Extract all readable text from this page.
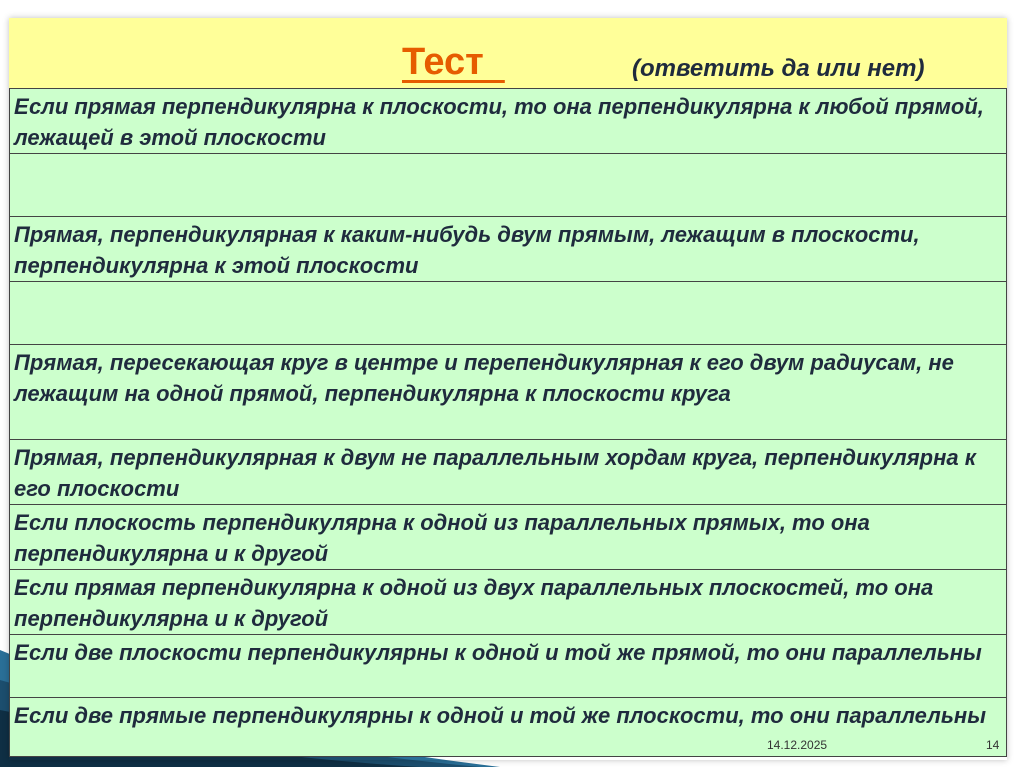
Тест	(ответить да или нет)
Если прямая перпендикулярна к плоскости, то она перпендикулярна к любой прямой, лежащей в этой плоскости

Прямая, перпендикулярная к каким-нибудь двум прямым, лежащим в плоскости, перпендикулярна к этой плоскости

Прямая, пересекающая круг в центре и перепендикулярная к его двум радиусам, не лежащим на одной прямой, перпендикулярна к плоскости круга
Прямая, перпендикулярная к двум не параллельным хордам круга, перпендикулярна к его плоскости
Если плоскость перпендикулярна к одной из параллельных прямых, то она перпендикулярна и к другой
Если прямая перпендикулярна к одной из двух параллельных плоскостей, то она перпендикулярна и к другой
Если две плоскости перпендикулярны к одной и той же прямой, то они параллельны
Если две прямые перпендикулярны к одной и той же плоскости, то они параллельны
14.12.2025	14
